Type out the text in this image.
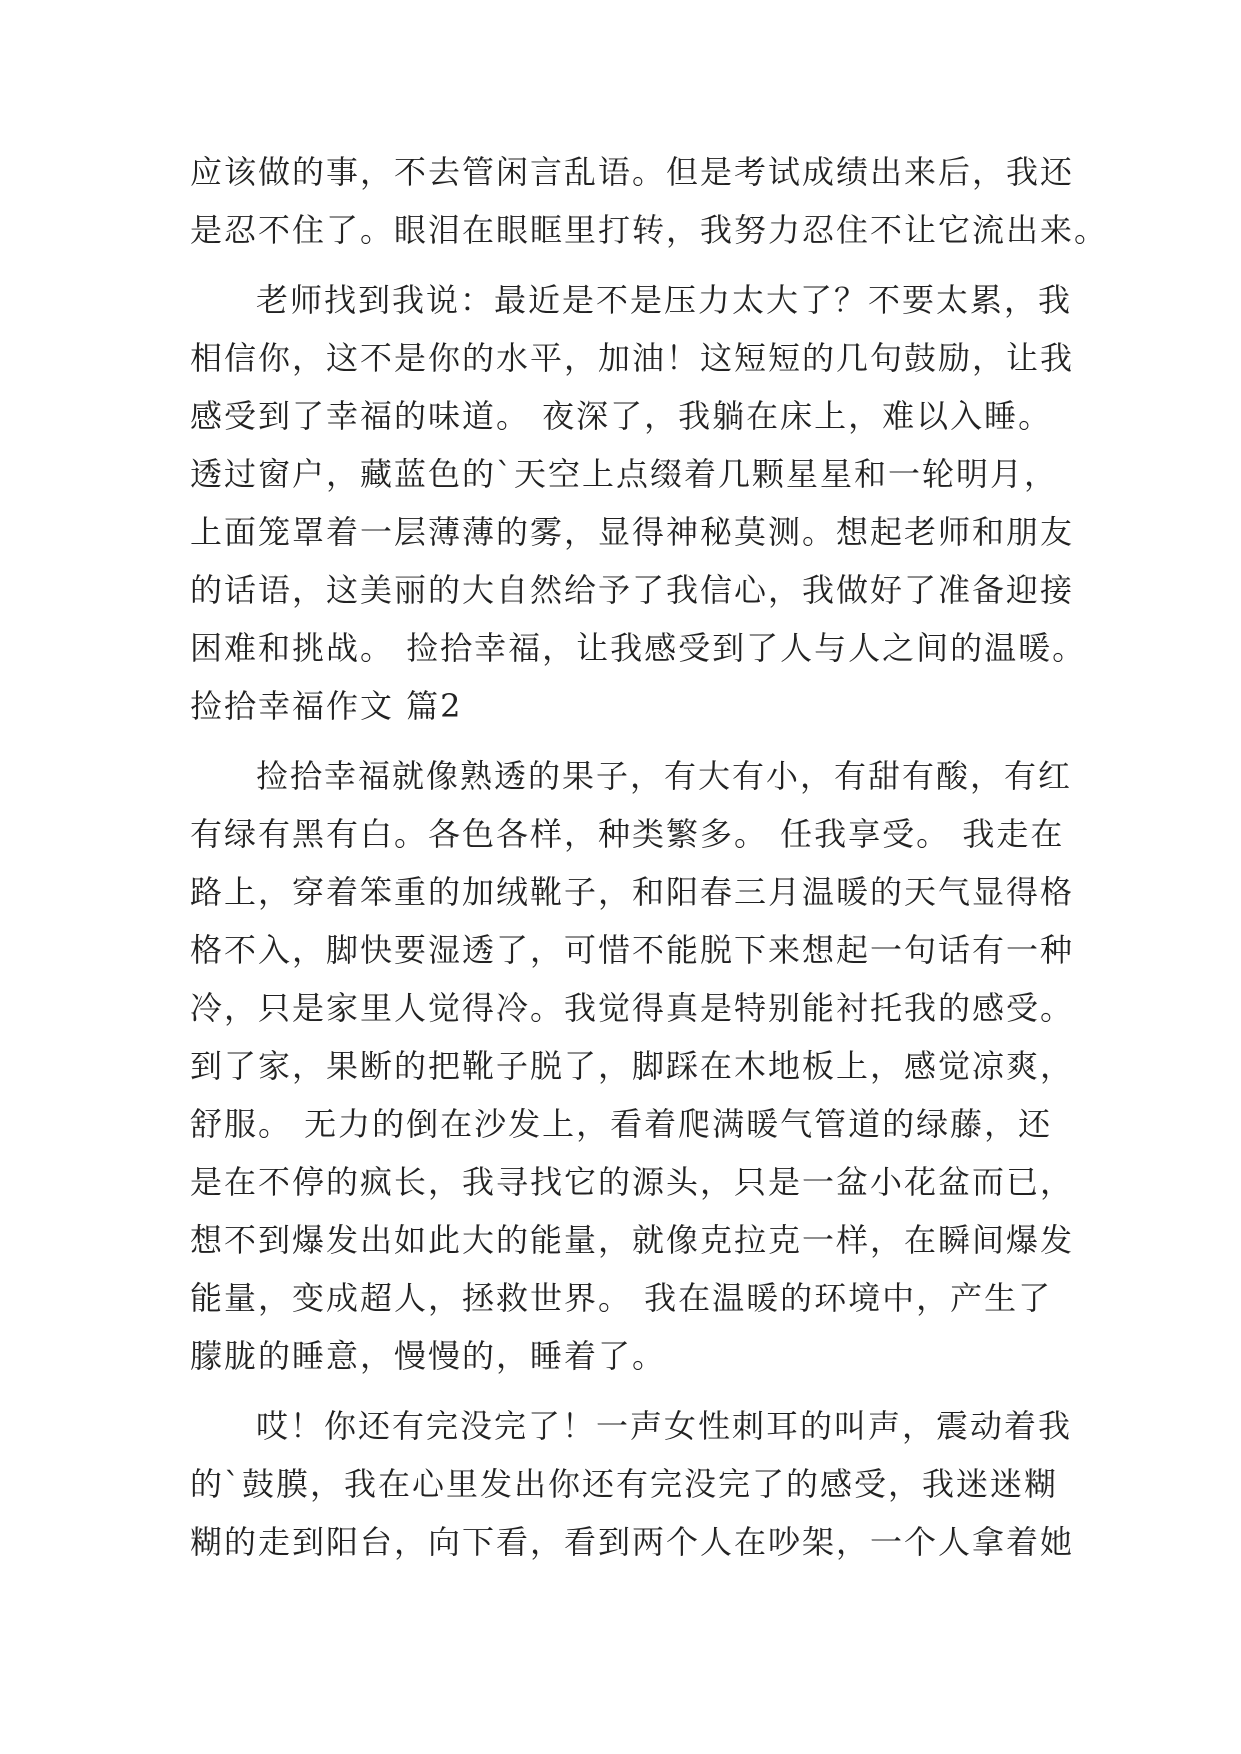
应该做的事，不去管闲言乱语。但是考试成绩出来后，我还
是忍不住了。眼泪在眼眶里打转，我努力忍住不让它流出来。
老师找到我说：最近是不是压力太大了？不要太累，我
相信你，这不是你的水平，加油！这短短的几句鼓励，让我
感受到了幸福的味道。 夜深了，我躺在床上，难以入睡。
透过窗户，藏蓝色的`天空上点缀着几颗星星和一轮明月，
上面笼罩着一层薄薄的雾，显得神秘莫测。想起老师和朋友
的话语，这美丽的大自然给予了我信心，我做好了准备迎接
困难和挑战。 捡拾幸福，让我感受到了人与人之间的温暖。
捡拾幸福作文 篇2
捡拾幸福就像熟透的果子，有大有小，有甜有酸，有红
有绿有黑有白。各色各样，种类繁多。 任我享受。 我走在
路上，穿着笨重的加绒靴子，和阳春三月温暖的天气显得格
格不入，脚快要湿透了，可惜不能脱下来想起一句话有一种
冷，只是家里人觉得冷。我觉得真是特别能衬托我的感受。
到了家，果断的把靴子脱了，脚踩在木地板上，感觉凉爽，
舒服。 无力的倒在沙发上，看着爬满暖气管道的绿藤，还
是在不停的疯长，我寻找它的源头，只是一盆小花盆而已，
想不到爆发出如此大的能量，就像克拉克一样，在瞬间爆发
能量，变成超人，拯救世界。 我在温暖的环境中，产生了
朦胧的睡意，慢慢的，睡着了。
哎！你还有完没完了！一声女性刺耳的叫声，震动着我
的`鼓膜，我在心里发出你还有完没完了的感受，我迷迷糊
糊的走到阳台，向下看，看到两个人在吵架，一个人拿着她
